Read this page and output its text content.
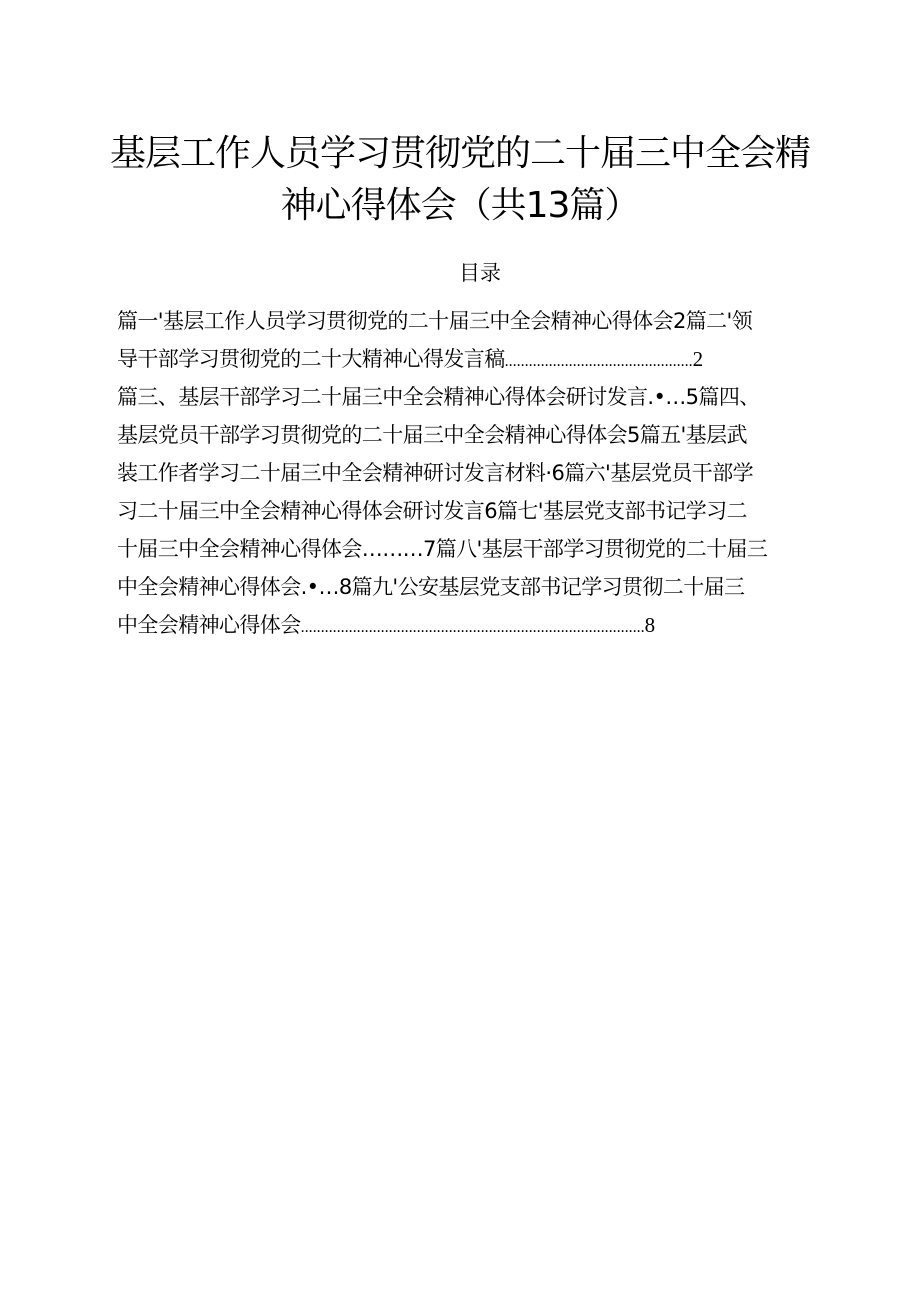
基层工作人员学习贯彻党的二十届三中全会精
神心得体会（共13篇）
目录
篇一'基层工作人员学习贯彻党的二十届三中全会精神心得体会2篇二'领
导干部学习贯彻党的二十大精神心得发言稿...............................................2
篇三、基层干部学习二十届三中全会精神心得体会研讨发言.•…5篇四、
基层党员干部学习贯彻党的二十届三中全会精神心得体会5篇五'基层武
装工作者学习二十届三中全会精神研讨发言材料·6篇六'基层党员干部学
习二十届三中全会精神心得体会研讨发言6篇七'基层党支部书记学习二
十届三中全会精神心得体会………7篇八'基层干部学习贯彻党的二十届三
中全会精神心得体会.•…8篇九'公安基层党支部书记学习贯彻二十届三
中全会精神心得体会......................................................................................8
